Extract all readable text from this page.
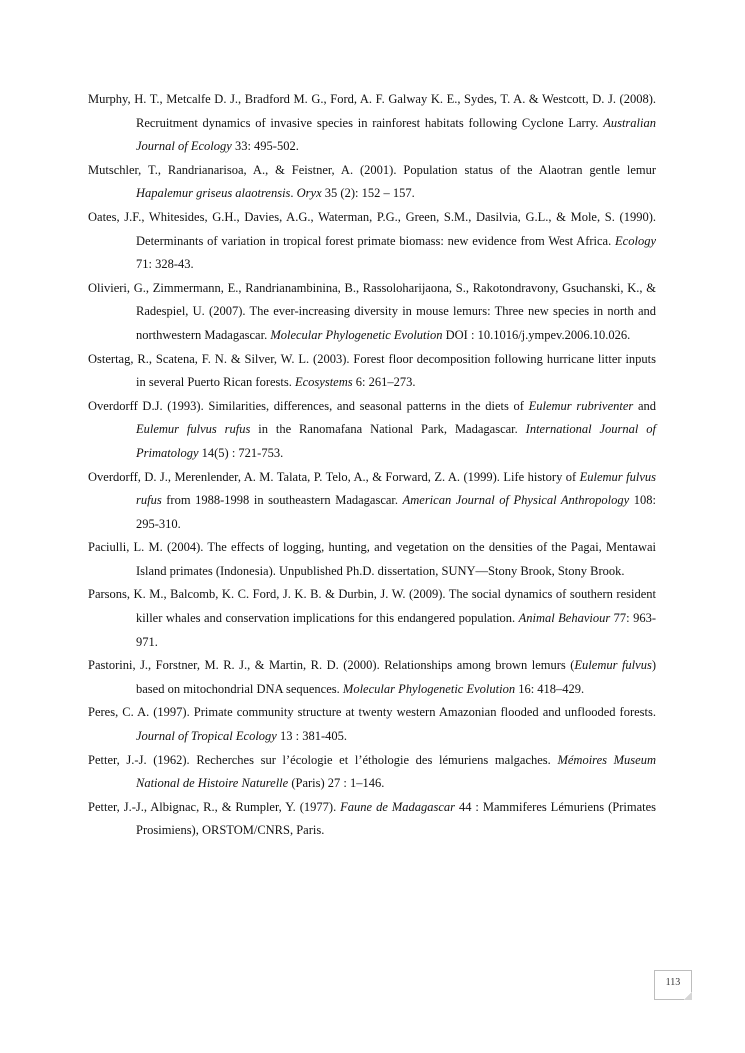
Murphy, H. T., Metcalfe D. J., Bradford M. G., Ford, A. F. Galway K. E., Sydes, T. A. & Westcott, D. J. (2008). Recruitment dynamics of invasive species in rainforest habitats following Cyclone Larry. Australian Journal of Ecology 33: 495-502.

Mutschler, T., Randrianarisoa, A., & Feistner, A. (2001). Population status of the Alaotran gentle lemur Hapalemur griseus alaotrensis. Oryx 35 (2): 152 – 157.

Oates, J.F., Whitesides, G.H., Davies, A.G., Waterman, P.G., Green, S.M., Dasilvia, G.L., & Mole, S. (1990). Determinants of variation in tropical forest primate biomass: new evidence from West Africa. Ecology 71: 328-43.

Olivieri, G., Zimmermann, E., Randrianambinina, B., Rassoloharijaona, S., Rakotondravony, Gsuchanski, K., & Radespiel, U. (2007). The ever-increasing diversity in mouse lemurs: Three new species in north and northwestern Madagascar. Molecular Phylogenetic Evolution DOI : 10.1016/j.ympev.2006.10.026.

Ostertag, R., Scatena, F. N. & Silver, W. L. (2003). Forest floor decomposition following hurricane litter inputs in several Puerto Rican forests. Ecosystems 6: 261–273.

Overdorff D.J. (1993). Similarities, differences, and seasonal patterns in the diets of Eulemur rubriventer and Eulemur fulvus rufus in the Ranomafana National Park, Madagascar. International Journal of Primatology 14(5) : 721-753.

Overdorff, D. J., Merenlender, A. M. Talata, P. Telo, A., & Forward, Z. A. (1999). Life history of Eulemur fulvus rufus from 1988-1998 in southeastern Madagascar. American Journal of Physical Anthropology 108: 295-310.

Paciulli, L. M. (2004). The effects of logging, hunting, and vegetation on the densities of the Pagai, Mentawai Island primates (Indonesia). Unpublished Ph.D. dissertation, SUNY—Stony Brook, Stony Brook.

Parsons, K. M., Balcomb, K. C. Ford, J. K. B. & Durbin, J. W. (2009). The social dynamics of southern resident killer whales and conservation implications for this endangered population. Animal Behaviour 77: 963-971.

Pastorini, J., Forstner, M. R. J., & Martin, R. D. (2000). Relationships among brown lemurs (Eulemur fulvus) based on mitochondrial DNA sequences. Molecular Phylogenetic Evolution 16: 418–429.

Peres, C. A. (1997). Primate community structure at twenty western Amazonian flooded and unflooded forests. Journal of Tropical Ecology 13 : 381-405.

Petter, J.-J. (1962). Recherches sur l’écologie et l’éthologie des lémuriens malgaches. Mémoires Museum National de Histoire Naturelle (Paris) 27 : 1–146.

Petter, J.-J., Albignac, R., & Rumpler, Y. (1977). Faune de Madagascar 44 : Mammiferes Lémuriens (Primates Prosimiens), ORSTOM/CNRS, Paris.

113
